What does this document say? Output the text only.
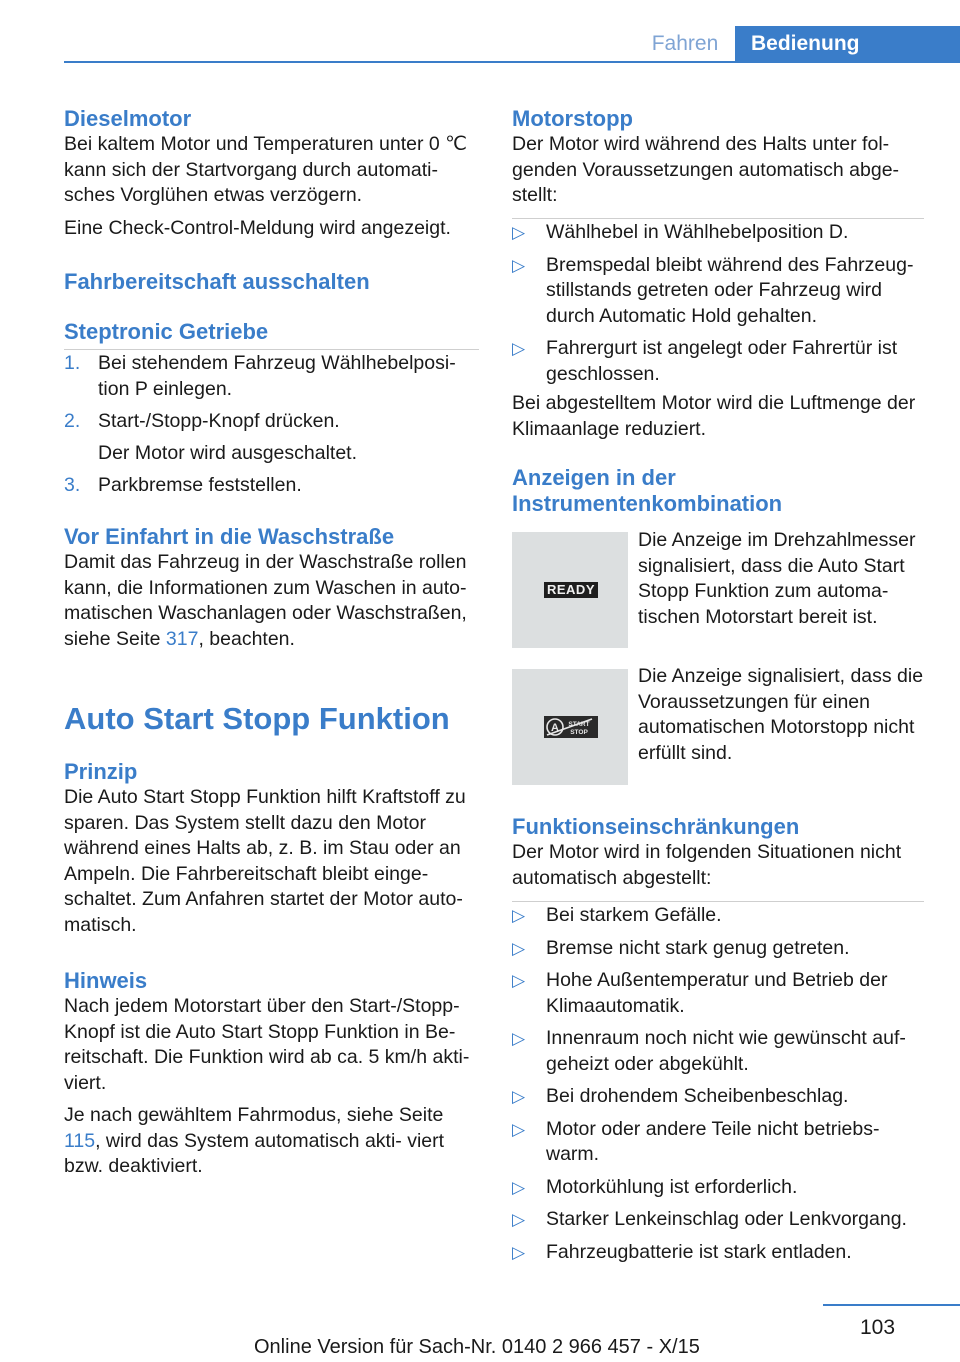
Fahren	Bedienung

Dieselmotor

Bei kaltem Motor und Temperaturen unter 0 ℃ kann sich der Startvorgang durch automati- sches Vorglühen etwas verzögern.

Eine Check-Control-Meldung wird angezeigt.

Fahrbereitschaft ausschalten

Steptronic Getriebe

1. Bei stehendem Fahrzeug Wählhebelposi- tion P einlegen.
2. Start-/Stopp-Knopf drücken.
Der Motor wird ausgeschaltet.
3. Parkbremse feststellen.

Vor Einfahrt in die Waschstraße

Damit das Fahrzeug in der Waschstraße rollen kann, die Informationen zum Waschen in auto- matischen Waschanlagen oder Waschstraßen, siehe Seite 317, beachten.

Auto Start Stopp Funktion

Prinzip

Die Auto Start Stopp Funktion hilft Kraftstoff zu sparen. Das System stellt dazu den Motor während eines Halts ab, z. B. im Stau oder an Ampeln. Die Fahrbereitschaft bleibt einge- schaltet. Zum Anfahren startet der Motor auto- matisch.

Hinweis

Nach jedem Motorstart über den Start-/Stopp- Knopf ist die Auto Start Stopp Funktion in Be- reitschaft. Die Funktion wird ab ca. 5 km/h akti- viert.

Je nach gewähltem Fahrmodus, siehe Seite 115, wird das System automatisch akti- viert bzw. deaktiviert.

Motorstopp

Der Motor wird während des Halts unter fol- genden Voraussetzungen automatisch abge- stellt:

▷ Wählhebel in Wählhebelposition D.
▷ Bremspedal bleibt während des Fahrzeug- stillstands getreten oder Fahrzeug wird durch Automatic Hold gehalten.
▷ Fahrergurt ist angelegt oder Fahrertür ist geschlossen.

Bei abgestelltem Motor wird die Luftmenge der Klimaanlage reduziert.

Anzeigen in der

Instrumentenkombination

READY
Die Anzeige im Drehzahlmesser signalisiert, dass die Auto Start Stopp Funktion zum automa- tischen Motorstart bereit ist.
A START
STOP
Die Anzeige signalisiert, dass die Voraussetzungen für einen automatischen Motorstopp nicht erfüllt sind.

Funktionseinschränkungen

Der Motor wird in folgenden Situationen nicht automatisch abgestellt:

▷ Bei starkem Gefälle.
▷ Bremse nicht stark genug getreten.
▷ Hohe Außentemperatur und Betrieb der Klimaautomatik.
▷ Innenraum noch nicht wie gewünscht auf- geheizt oder abgekühlt.
▷ Bei drohendem Scheibenbeschlag.
▷ Motor oder andere Teile nicht betriebs- warm.
▷ Motorkühlung ist erforderlich.
▷ Starker Lenkeinschlag oder Lenkvorgang.
▷ Fahrzeugbatterie ist stark entladen.
103
Online Version für Sach-Nr. 0140 2 966 457 - X/15
